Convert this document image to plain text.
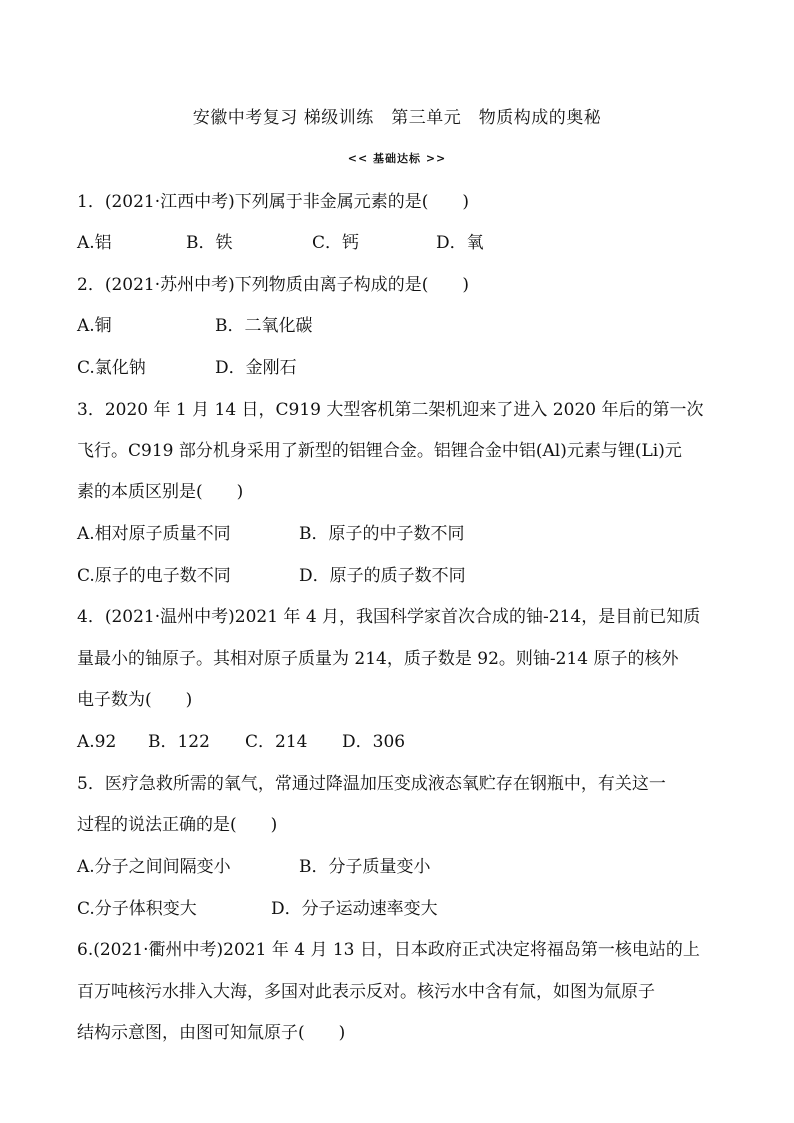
安徽中考复习 梯级训练　第三单元　物质构成的奥秘
<< 基础达标 >>
1．(2021·江西中考)下列属于非金属元素的是(　　)
A.铝	B．铁	C．钙	D．氧
2．(2021·苏州中考)下列物质由离子构成的是(　　)
A.铜	B．二氧化碳
C.氯化钠	D．金刚石
3．2020 年 1 月 14 日，C919 大型客机第二架机迎来了进入 2020 年后的第一次
飞行。C919 部分机身采用了新型的铝锂合金。铝锂合金中铝(Al)元素与锂(Li)元
素的本质区别是(　　)
A.相对原子质量不同	B．原子的中子数不同
C.原子的电子数不同	D．原子的质子数不同
4．(2021·温州中考)2021 年 4 月，我国科学家首次合成的铀-214，是目前已知质
量最小的铀原子。其相对原子质量为 214，质子数是 92。则铀-214 原子的核外
电子数为(　　)
A.92 B．122 C．214 D．306
5．医疗急救所需的氧气，常通过降温加压变成液态氧贮存在钢瓶中，有关这一
过程的说法正确的是(　　)
A.分子之间间隔变小	B．分子质量变小
C.分子体积变大	D．分子运动速率变大
6.(2021·衢州中考)2021 年 4 月 13 日，日本政府正式决定将福岛第一核电站的上
百万吨核污水排入大海，多国对此表示反对。核污水中含有氚，如图为氚原子
结构示意图，由图可知氚原子(　　)
